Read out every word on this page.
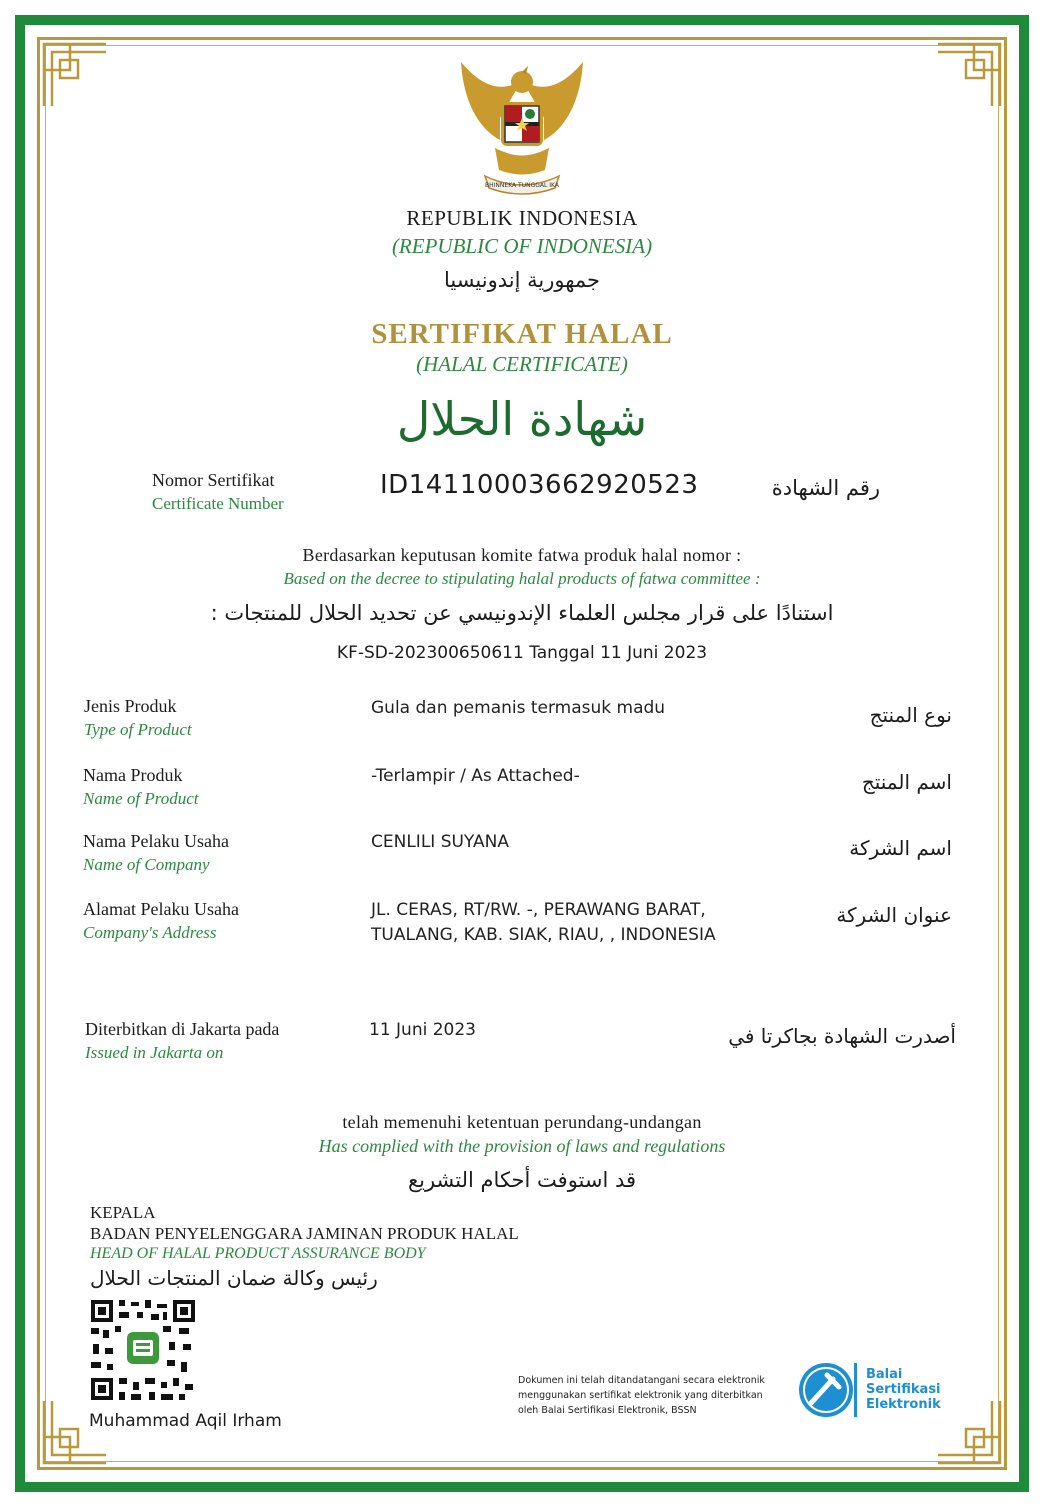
BHINNEKA TUNGGAL IKA
REPUBLIK INDONESIA
(REPUBLIC OF INDONESIA)
جمهورية إندونيسيا
SERTIFIKAT HALAL
(HALAL CERTIFICATE)
شهادة الحلال
Nomor Sertifikat
Certificate Number
ID14110003662920523	رقم الشهادة
Berdasarkan keputusan komite fatwa produk halal nomor :
Based on the decree to stipulating halal products of fatwa committee :
استنادًا على قرار مجلس العلماء الإندونيسي عن تحديد الحلال للمنتجات :
KF-SD-202300650611 Tanggal 11 Juni 2023
Jenis Produk
Type of Product
Gula dan pemanis termasuk madu	نوع المنتج
Nama Produk
Name of Product
-Terlampir / As Attached-	اسم المنتج
Nama Pelaku Usaha
Name of Company
CENLILI SUYANA	اسم الشركة
Alamat Pelaku Usaha
Company's Address
JL. CERAS, RT/RW. -, PERAWANG BARAT,
TUALANG, KAB. SIAK, RIAU, , INDONESIA
عنوان الشركة
Diterbitkan di Jakarta pada
Issued in Jakarta on
11 Juni 2023	أصدرت الشهادة بجاكرتا في
telah memenuhi ketentuan perundang-undangan
Has complied with the provision of laws and regulations
قد استوفت أحكام التشريع
KEPALA
BADAN PENYELENGGARA JAMINAN PRODUK HALAL
HEAD OF HALAL PRODUCT ASSURANCE BODY
رئيس وكالة ضمان المنتجات الحلال
Muhammad Aqil Irham
Dokumen ini telah ditandatangani secara elektronik
menggunakan sertifikat elektronik yang diterbitkan
oleh Balai Sertifikasi Elektronik, BSSN
Balai
Sertifikasi
Elektronik
